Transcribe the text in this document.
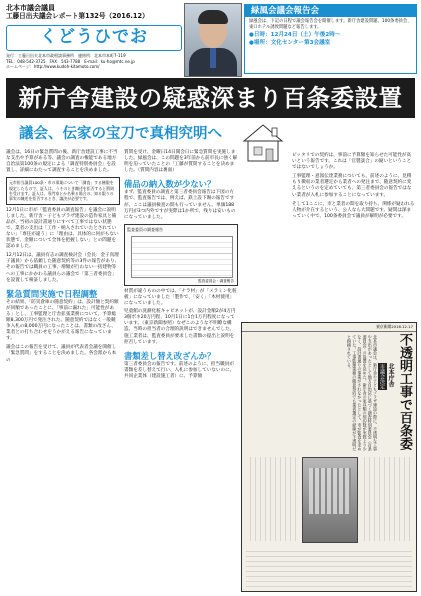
北本市議会議員
工藤日出夫議会レポート第132号（2016.12）
くどうひでお
発行：工藤日出夫北本市政相談事務所　連絡所：北本市本町7-119
TEL：048-542-3725　FAX：543-7788　E-mail：ku-ho@mtc.ne.jp
ホームページ：http://www.kudoh-kitamoto.com/
緑風会議会報告会
緑風会は、下記の日程で議会報告会を開催します。新庁舎建設問題、100条委員会、東口ホテル誘致問題など報告します。
●日時：12月24日（土）午後2時～
●場所：文化センター第3会議室
新庁舎建設の疑惑深まり百条委設置
議会、伝家の宝刀で真相究明へ
議会は、16日の緊急質問の後、新庁舎建設工事に不当な支出や予算がある等、議会の調査の権能である地方自治法第100条の規定による「調査特別委員会」を設置し、詳細にわたって調査することを決めました。
元市担当議員100条・市の事業について「調査」する権限を規定したもので、証人は、うそのとき陳述を拒否すると罰則を受けます。証人は、専門家とか名乗る場合の、知る限りの事実の陳述を拒否するとき、議決が必要です。
12月1日に市が「監査委員の調査報告」を議会に説明しました。新庁舎・子どもプラザ建設の造作家具と備品が、当初の設計書通りにすべて工事ではない状態で、業者の支出は「工作・納入されていたとされていない」「専任が違う」に「理由は、具体的に何がもない状態で、金額について全体を把握しない」との問題を認めました。
12月12日は、議員有志の調査検討会（会長：金子真理子議員）から依頼した随意契約等の3件の報告があり、その報告では職員の工事、増額が行わない一括建物等への工事にかかわる議員らの議会で「第三者委員会」を設置して検証しました。
緊急質問実施で日程調整
その結果、「防災倉庫の随意契約」は、設計額と契約額が同額であったことに、「事前に漏れた」可能性がある」とし、工事監理と庁舎拡張業務について、予算総額8,300万円で発注された。随意契約ではなく一般競争入札の8,000万円になったことは、書類の改ざん、業者との打ち合わせをうかがえる報告になっています。
議会はこの報告を受けて、議員が代表者会議を開催し「緊急質問」をすることを決めました。各会派から本の
質問を受け、金曜日14日開会日に緊急質問を実施しました。緑風会は、この問題を3年前から前市長に強く解明を迫っていたことの「工藤が質問することを決めました。（質問内容は裏面）
備品の納入数が少ない？
まず、監査委員の調査と第三者委員会報告は下図の方程で、監査報告では、例えば、鉄上設下賜の報告ですが、ここは議員検査の間も行っていません。単価188万円が3つ内外ですが実際は1か所で、残りは安いものになっていました。
監査委員の調査報告
監査委員会・調査報告
材質が違うものの中では、「ナラ材」が「メラミン化粧板」になっていました「製作で、「安く」「木材使用」になっていました。
児童館の洗濯化粧キャビネットが、設計金額2が4万円3個ボネ20万円程、10月1日に1台1万円程度になっています。（東京新聞参照）なぜこのような不明瞭な構造。当時の担当者の合理的説明はできませんでした。施工業者は、監査委員が要求した書類の提出と説明を拒否しています。
書類差し替え改ざんか？
第三者委員会の報告です。前述のように、担当職員が書類を差し替えて行い、入札に参加していないのに、共同企業体（建設施工者）に、予算額
ピッタリでの契約は、事前に予算額を知らせた可能性が高いという報告です。これは「官製談合」の疑いということではないでしょうか。
工事監理・意図伝達業務についても、前述のように、見積もり徴収の業者選定から業者への発注まで、随意契約に変えるというのを定めていても、第三者委員会の報告ではない業者が入札に参加することになっています。
そして1ここに、市と業者の間を取り持ち、関係が疑われる人物が介在するという、公人なら大問題です。疑問は深まっていく中で、100条委員会で議員が解明が必要です。
東京新聞2016.12.17
不透明工事で百条委
北本庁舎
市議会決定
北本市議会は、新庁舎や子どもプラザ建設の際に、不透明な工事や支出があったとして地方自治法に基づく調査特別委員会（百条委員会）の設置を決めた。新庁舎の家具類の契約数が実際より少なく、設計書通りの事業がされなかったとして、市が監査を求めていた。工事監理業務の随意契約でも業者選定の経緯が不透明だと指摘されている。
